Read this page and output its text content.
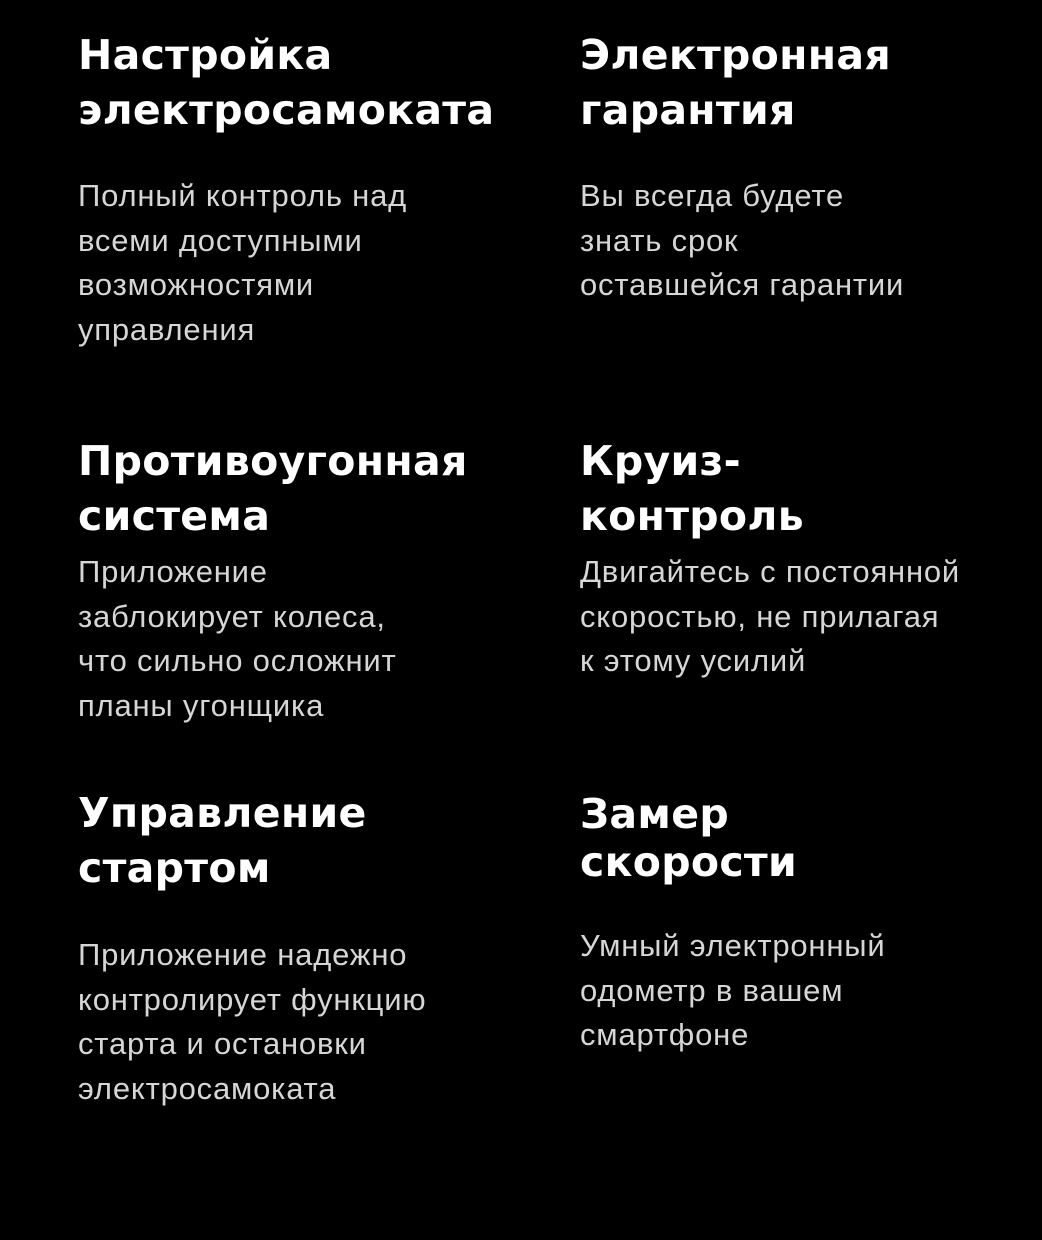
Настройка
электросамоката

Полный контроль над
всеми доступными
возможностями
управления

Электронная
гарантия

Вы всегда будете
знать срок
оставшейся гарантии

Противоугонная
система

Приложение
заблокирует колеса,
что сильно осложнит
планы угонщика

Круиз-
контроль

Двигайтесь с постоянной
скоростью, не прилагая
к этому усилий

Управление
стартом

Приложение надежно
контролирует функцию
старта и остановки
электросамоката

Замер
скорости

Умный электронный
одометр в вашем
смартфоне
